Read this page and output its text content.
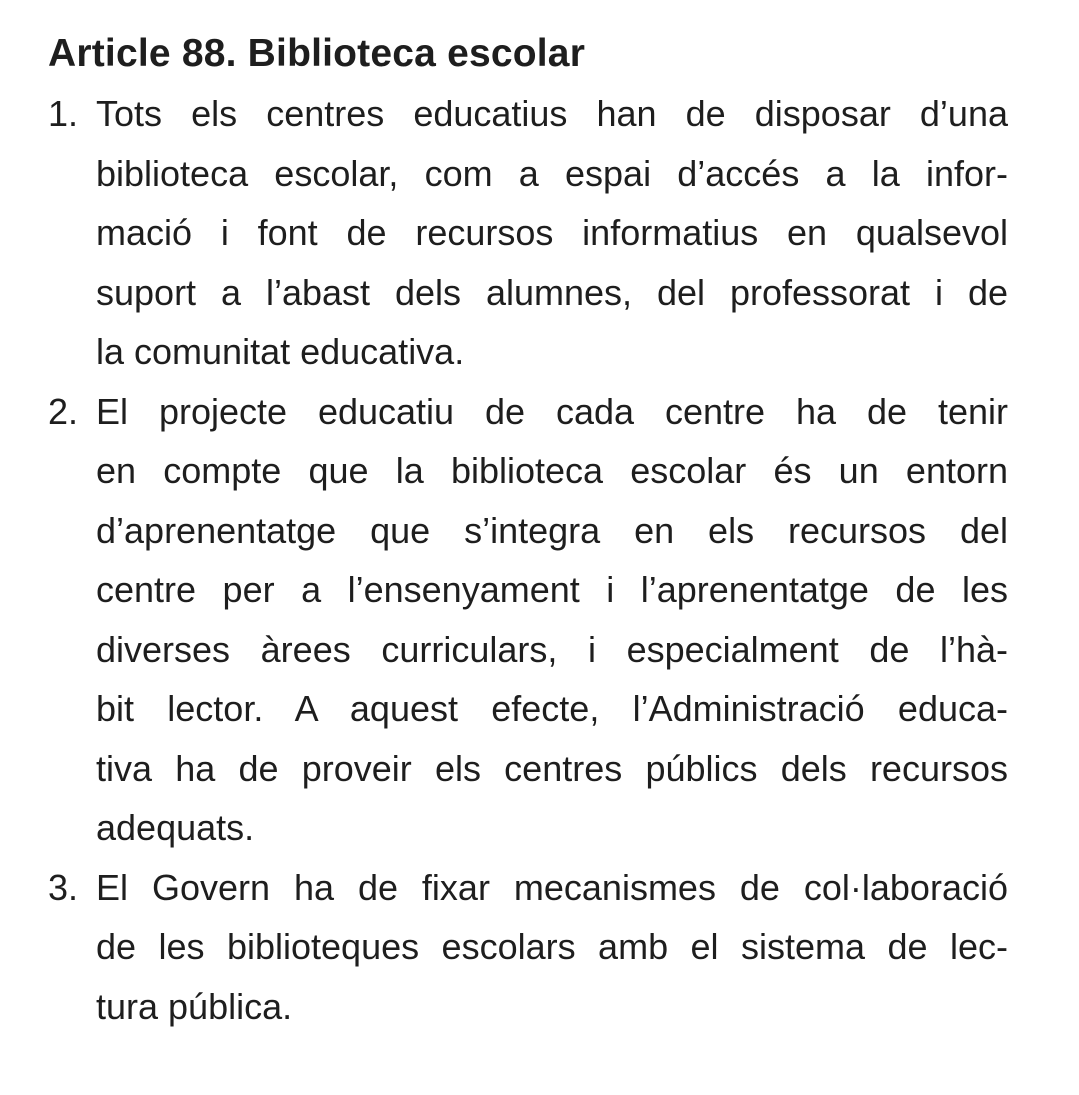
Article 88. Biblioteca escolar
1. Tots els centres educatius han de disposar d’una
biblioteca escolar, com a espai d’accés a la infor-
mació i font de recursos informatius en qualsevol
suport a l’abast dels alumnes, del professorat i de
la comunitat educativa.
2. El projecte educatiu de cada centre ha de tenir
en compte que la biblioteca escolar és un entorn
d’aprenentatge que s’integra en els recursos del
centre per a l’ensenyament i l’aprenentatge de les
diverses àrees curriculars, i especialment de l’hà-
bit lector. A aquest efecte, l’Administració educa-
tiva ha de proveir els centres públics dels recursos
adequats.
3. El Govern ha de fixar mecanismes de col·laboració
de les biblioteques escolars amb el sistema de lec-
tura pública.
